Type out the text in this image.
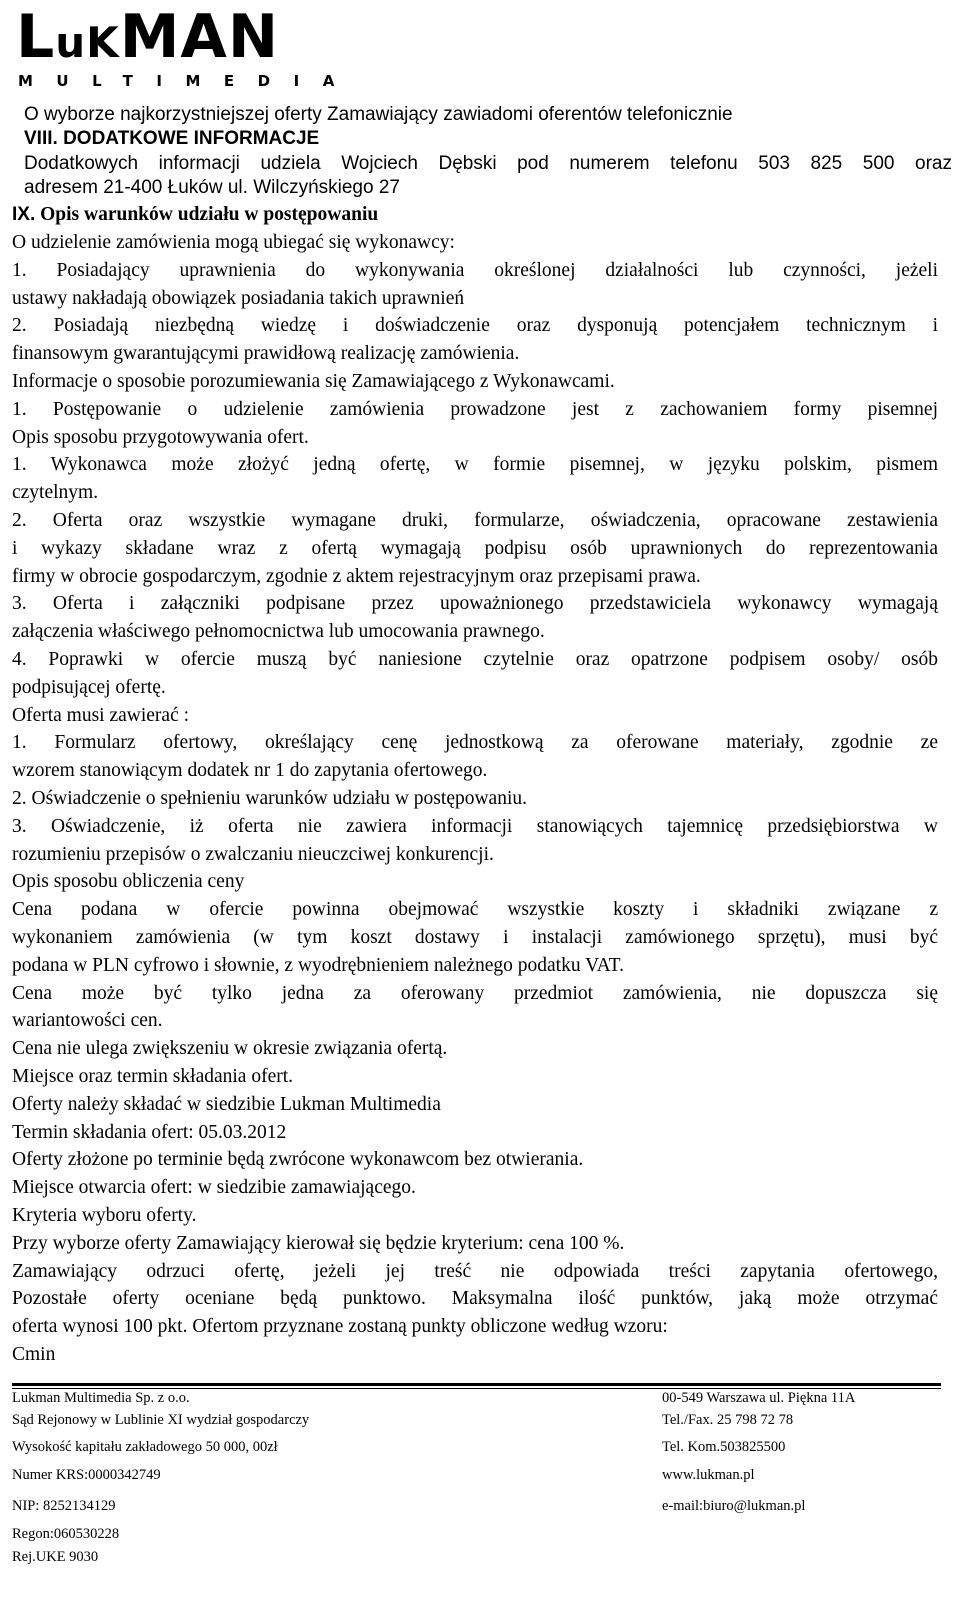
LuKMAN
MULTIMEDIA
O wyborze najkorzystniejszej oferty Zamawiający zawiadomi oferentów telefonicznie
VIII. DODATKOWE INFORMACJE
Dodatkowych informacji udziela Wojciech Dębski pod numerem telefonu 503 825 500 oraz
adresem 21-400 Łuków ul. Wilczyńskiego 27
IX. Opis warunków udziału w postępowaniu
O udzielenie zamówienia mogą ubiegać się wykonawcy:
1. Posiadający uprawnienia do wykonywania określonej działalności lub czynności, jeżeli
ustawy nakładają obowiązek posiadania takich uprawnień
2. Posiadają niezbędną wiedzę i doświadczenie oraz dysponują potencjałem technicznym i
finansowym gwarantującymi prawidłową realizację zamówienia.
Informacje o sposobie porozumiewania się Zamawiającego z Wykonawcami.
1. Postępowanie o udzielenie zamówienia prowadzone jest z zachowaniem formy pisemnej
Opis sposobu przygotowywania ofert.
1. Wykonawca może złożyć jedną ofertę, w formie pisemnej, w języku polskim, pismem
czytelnym.
2. Oferta oraz wszystkie wymagane druki, formularze, oświadczenia, opracowane zestawienia
i wykazy składane wraz z ofertą wymagają podpisu osób uprawnionych do reprezentowania
firmy w obrocie gospodarczym, zgodnie z aktem rejestracyjnym oraz przepisami prawa.
3. Oferta i załączniki podpisane przez upoważnionego przedstawiciela wykonawcy wymagają
załączenia właściwego pełnomocnictwa lub umocowania prawnego.
4. Poprawki w ofercie muszą być naniesione czytelnie oraz opatrzone podpisem osoby/ osób
podpisującej ofertę.
Oferta musi zawierać :
1. Formularz ofertowy, określający cenę jednostkową za oferowane materiały, zgodnie ze
wzorem stanowiącym dodatek nr 1 do zapytania ofertowego.
2. Oświadczenie o spełnieniu warunków udziału w postępowaniu.
3. Oświadczenie, iż oferta nie zawiera informacji stanowiących tajemnicę przedsiębiorstwa w
rozumieniu przepisów o zwalczaniu nieuczciwej konkurencji.
Opis sposobu obliczenia ceny
Cena podana w ofercie powinna obejmować wszystkie koszty i składniki związane z
wykonaniem zamówienia (w tym koszt dostawy i instalacji zamówionego sprzętu), musi być
podana w PLN cyfrowo i słownie, z wyodrębnieniem należnego podatku VAT.
Cena może być tylko jedna za oferowany przedmiot zamówienia, nie dopuszcza się
wariantowości cen.
Cena nie ulega zwiększeniu w okresie związania ofertą.
Miejsce oraz termin składania ofert.
Oferty należy składać w siedzibie Lukman Multimedia
Termin składania ofert: 05.03.2012
Oferty złożone po terminie będą zwrócone wykonawcom bez otwierania.
Miejsce otwarcia ofert: w siedzibie zamawiającego.
Kryteria wyboru oferty.
Przy wyborze oferty Zamawiający kierował się będzie kryterium: cena 100 %.
Zamawiający odrzuci ofertę, jeżeli jej treść nie odpowiada treści zapytania ofertowego,
Pozostałe oferty oceniane będą punktowo. Maksymalna ilość punktów, jaką może otrzymać
oferta wynosi 100 pkt. Ofertom przyznane zostaną punkty obliczone według wzoru:
Cmin
Lukman Multimedia Sp. z o.o.
Sąd Rejonowy w Lublinie XI wydział gospodarczy
Wysokość kapitału zakładowego 50 000, 00zł
Numer KRS:0000342749
NIP: 8252134129
Regon:060530228
Rej.UKE 9030
00-549 Warszawa ul. Piękna 11A
Tel./Fax. 25 798 72 78
Tel. Kom.503825500
www.lukman.pl
e-mail:biuro@lukman.pl
